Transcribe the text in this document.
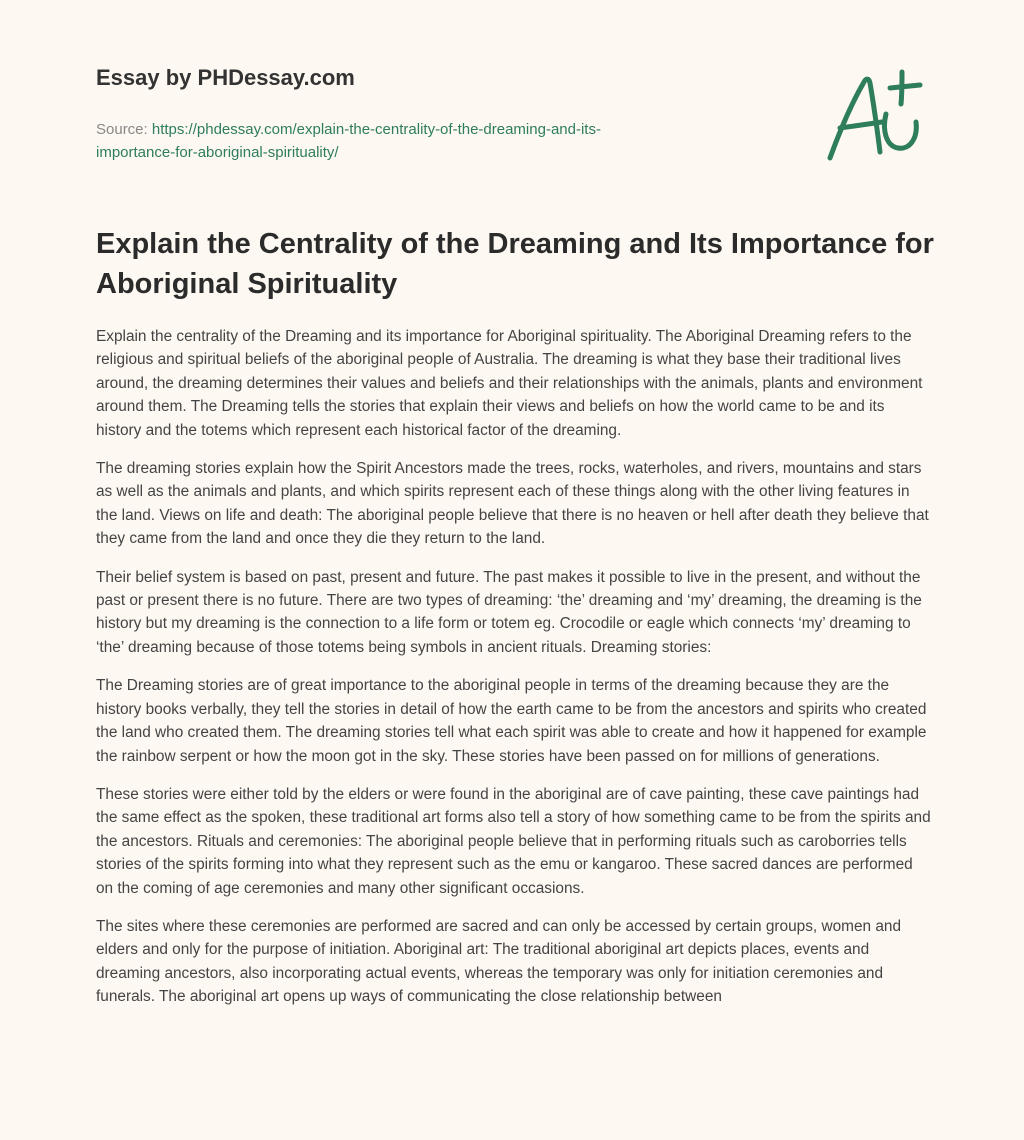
Essay by PHDessay.com
Source: https://phdessay.com/explain-the-centrality-of-the-dreaming-and-its-
importance-for-aboriginal-spirituality/
Explain the Centrality of the Dreaming and Its Importance for Aboriginal Spirituality

Explain the centrality of the Dreaming and its importance for Aboriginal spirituality. The Aboriginal Dreaming refers to the religious and spiritual beliefs of the aboriginal people of Australia. The dreaming is what they base their traditional lives around, the dreaming determines their values and beliefs and their relationships with the animals, plants and environment around them. The Dreaming tells the stories that explain their views and beliefs on how the world came to be and its history and the totems which represent each historical factor of the dreaming.

The dreaming stories explain how the Spirit Ancestors made the trees, rocks, waterholes, and rivers, mountains and stars as well as the animals and plants, and which spirits represent each of these things along with the other living features in the land. Views on life and death: The aboriginal people believe that there is no heaven or hell after death they believe that they came from the land and once they die they return to the land.

Their belief system is based on past, present and future. The past makes it possible to live in the present, and without the past or present there is no future. There are two types of dreaming: ‘the’ dreaming and ‘my’ dreaming, the dreaming is the history but my dreaming is the connection to a life form or totem eg. Crocodile or eagle which connects ‘my’ dreaming to ‘the’ dreaming because of those totems being symbols in ancient rituals. Dreaming stories:

The Dreaming stories are of great importance to the aboriginal people in terms of the dreaming because they are the history books verbally, they tell the stories in detail of how the earth came to be from the ancestors and spirits who created the land who created them. The dreaming stories tell what each spirit was able to create and how it happened for example the rainbow serpent or how the moon got in the sky. These stories have been passed on for millions of generations.

These stories were either told by the elders or were found in the aboriginal are of cave painting, these cave paintings had the same effect as the spoken, these traditional art forms also tell a story of how something came to be from the spirits and the ancestors. Rituals and ceremonies: The aboriginal people believe that in performing rituals such as caroborries tells stories of the spirits forming into what they represent such as the emu or kangaroo. These sacred dances are performed on the coming of age ceremonies and many other significant occasions.

The sites where these ceremonies are performed are sacred and can only be accessed by certain groups, women and elders and only for the purpose of initiation. Aboriginal art: The traditional aboriginal art depicts places, events and dreaming ancestors, also incorporating actual events, whereas the temporary was only for initiation ceremonies and funerals. The aboriginal art opens up ways of communicating the close relationship between
